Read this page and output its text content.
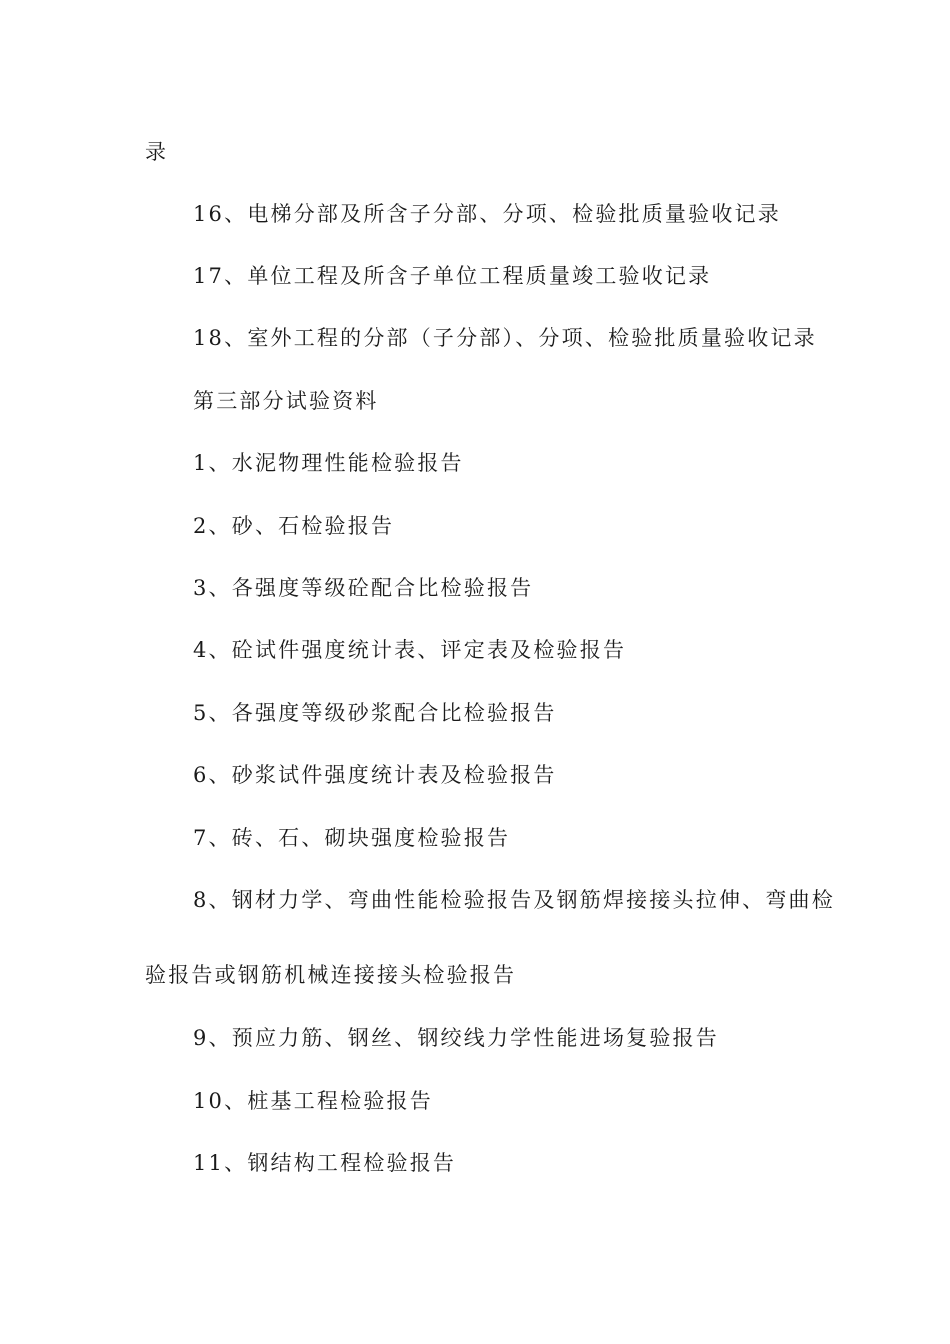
录
16、电梯分部及所含子分部、分项、检验批质量验收记录
17、单位工程及所含子单位工程质量竣工验收记录
18、室外工程的分部（子分部）、分项、检验批质量验收记录
第三部分试验资料
1、水泥物理性能检验报告
2、砂、石检验报告
3、各强度等级砼配合比检验报告
4、砼试件强度统计表、评定表及检验报告
5、各强度等级砂浆配合比检验报告
6、砂浆试件强度统计表及检验报告
7、砖、石、砌块强度检验报告
8、钢材力学、弯曲性能检验报告及钢筋焊接接头拉伸、弯曲检
验报告或钢筋机械连接接头检验报告
9、预应力筋、钢丝、钢绞线力学性能进场复验报告
10、桩基工程检验报告
11、钢结构工程检验报告
